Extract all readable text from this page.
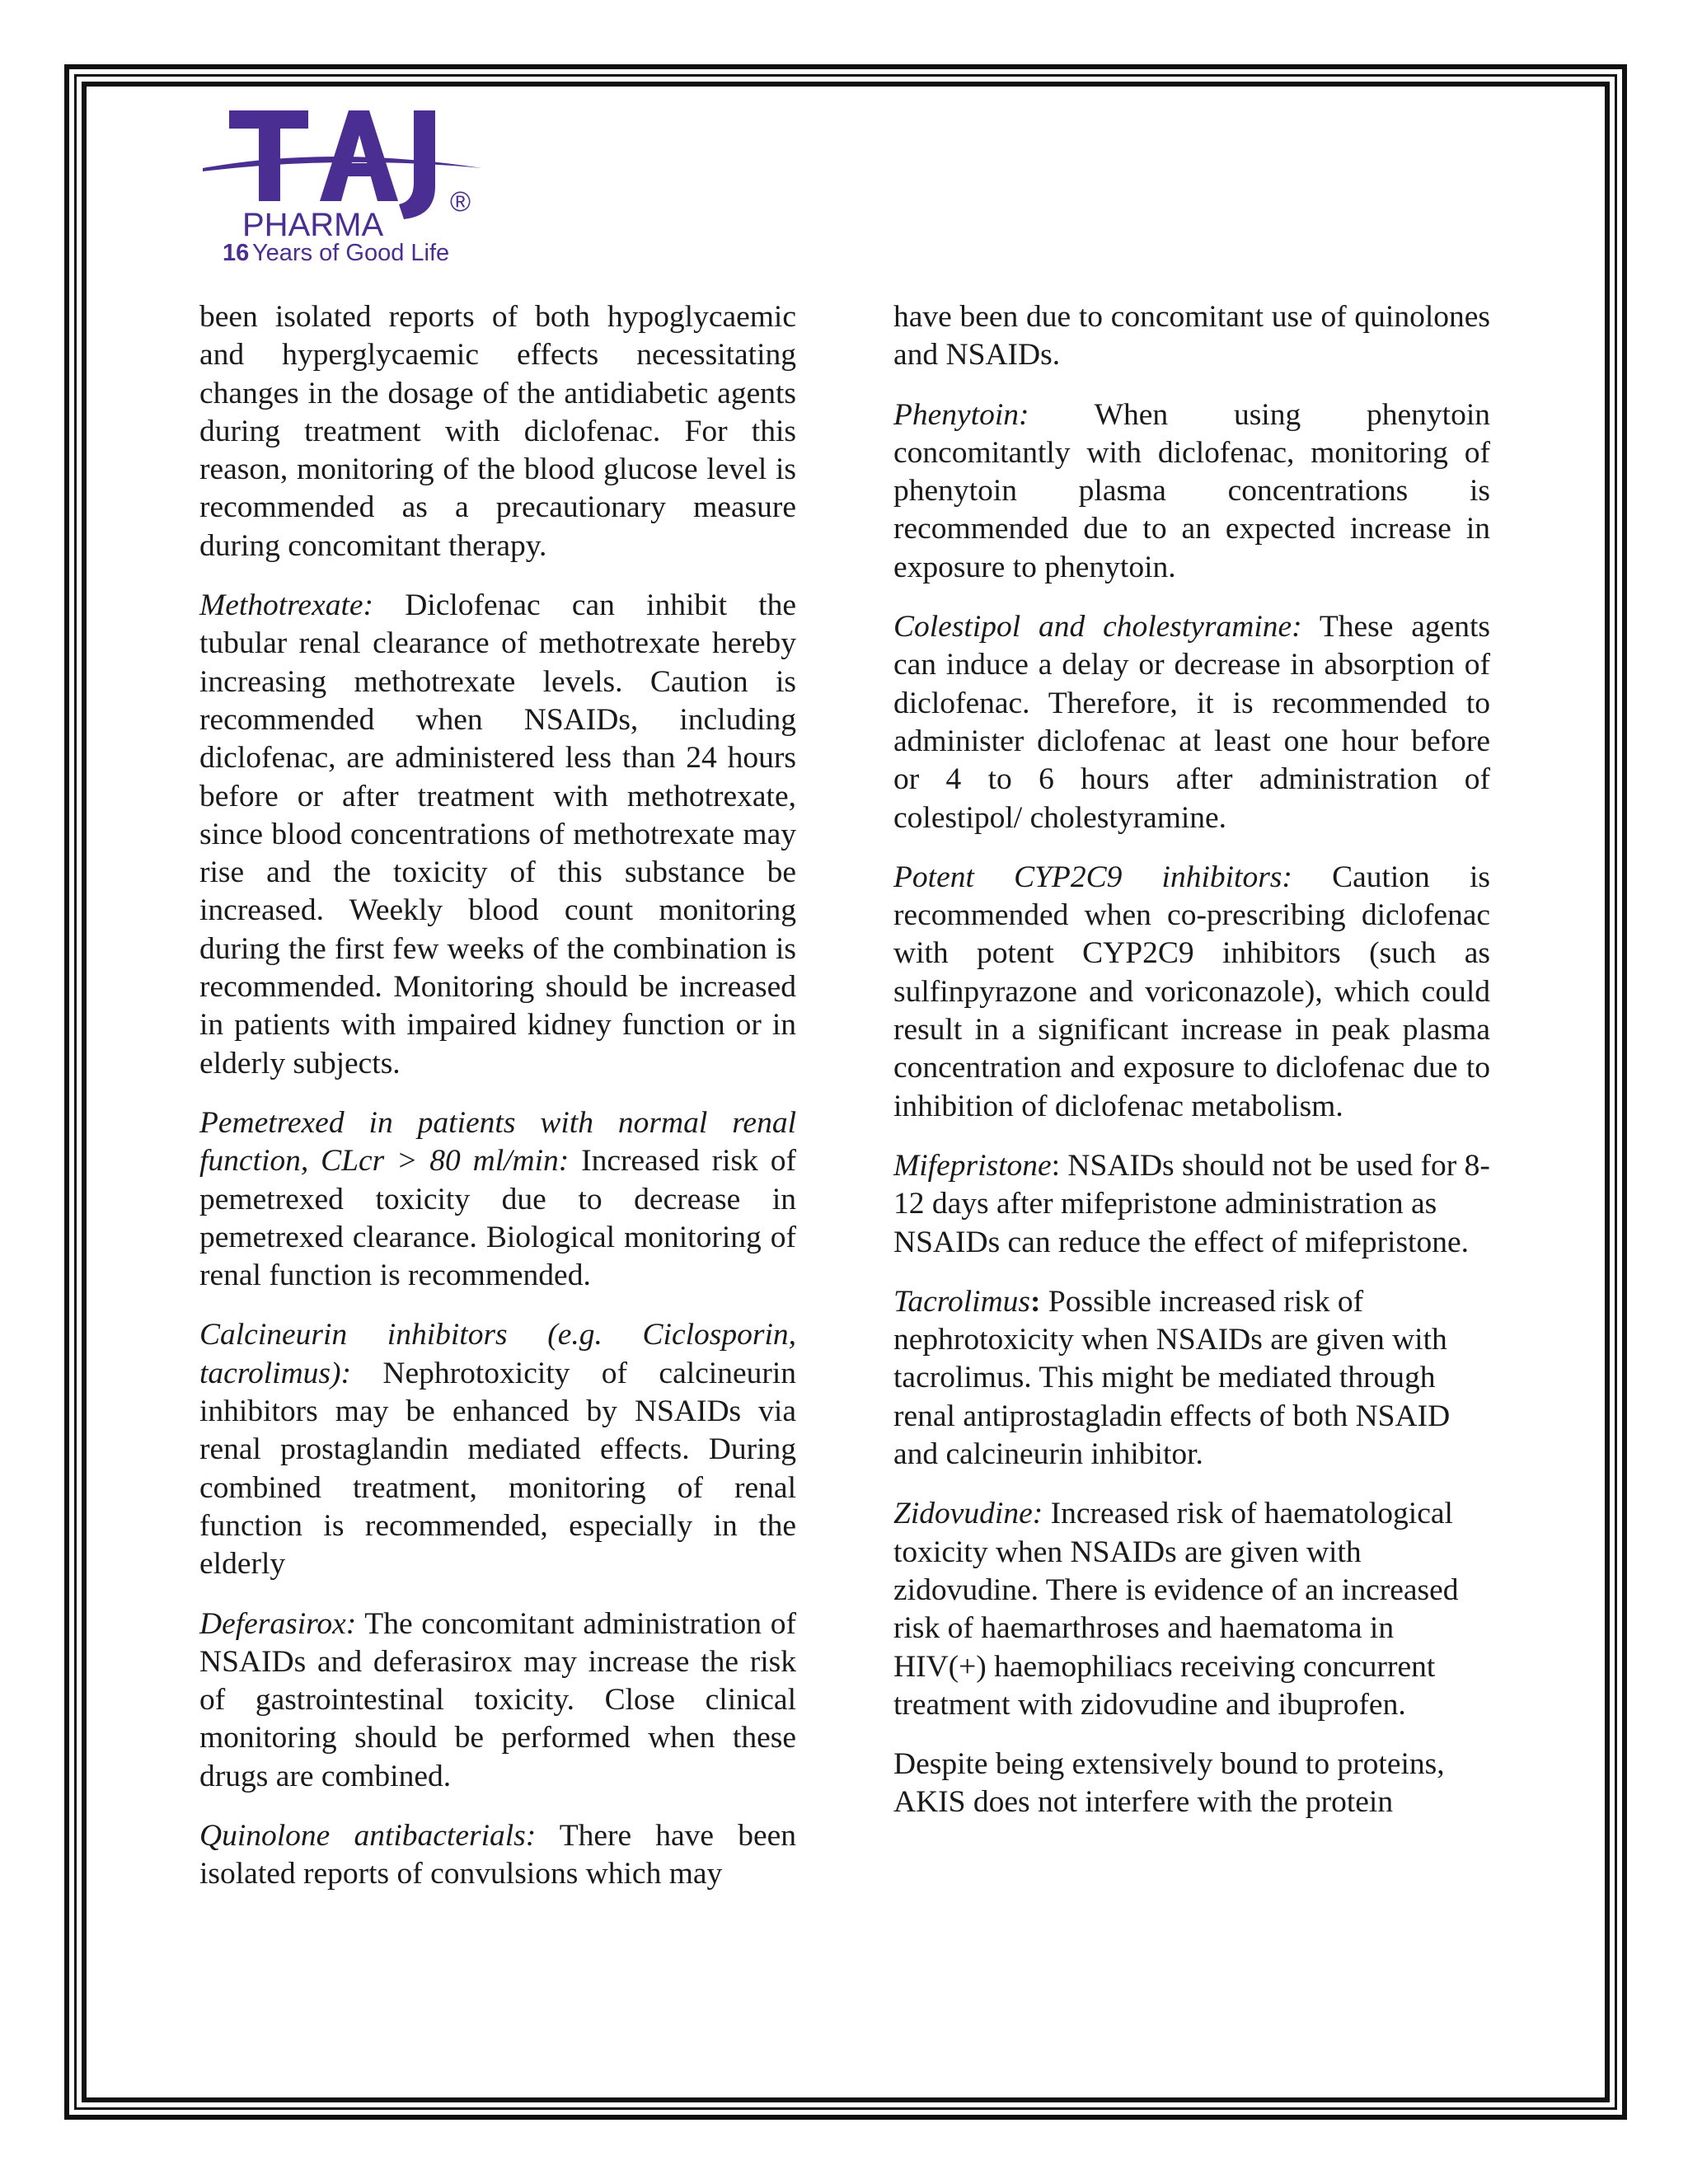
®
PHARMA
16 Years of Good Life

been isolated reports of both hypoglycaemic and hyperglycaemic effects necessitating changes in the dosage of the antidiabetic agents during treatment with diclofenac. For this reason, monitoring of the blood glucose level is recommended as a precautionary measure during concomitant therapy.

Methotrexate: Diclofenac can inhibit the tubular renal clearance of methotrexate hereby increasing methotrexate levels. Caution is recommended when NSAIDs, including diclofenac, are administered less than 24 hours before or after treatment with methotrexate, since blood concentrations of methotrexate may rise and the toxicity of this substance be increased. Weekly blood count monitoring during the first few weeks of the combination is recommended. Monitoring should be increased in patients with impaired kidney function or in elderly subjects.

Pemetrexed in patients with normal renal function, CLcr > 80 ml/min: Increased risk of pemetrexed toxicity due to decrease in pemetrexed clearance. Biological monitoring of renal function is recommended.

Calcineurin inhibitors (e.g. Ciclosporin, tacrolimus): Nephrotoxicity of calcineurin inhibitors may be enhanced by NSAIDs via renal prostaglandin mediated effects. During combined treatment, monitoring of renal function is recommended, especially in the elderly

Deferasirox: The concomitant administration of NSAIDs and deferasirox may increase the risk of gastrointestinal toxicity. Close clinical monitoring should be performed when these drugs are combined.

Quinolone antibacterials: There have been isolated reports of convulsions which may

have been due to concomitant use of quinolones and NSAIDs.

Phenytoin: When using phenytoin concomitantly with diclofenac, monitoring of phenytoin plasma concentrations is recommended due to an expected increase in exposure to phenytoin.

Colestipol and cholestyramine: These agents can induce a delay or decrease in absorption of diclofenac. Therefore, it is recommended to administer diclofenac at least one hour before or 4 to 6 hours after administration of colestipol/ cholestyramine.

Potent CYP2C9 inhibitors: Caution is recommended when co-prescribing diclofenac with potent CYP2C9 inhibitors (such as sulfinpyrazone and voriconazole), which could result in a significant increase in peak plasma concentration and exposure to diclofenac due to inhibition of diclofenac metabolism.

Mifepristone: NSAIDs should not be used for 8-12 days after mifepristone administration as NSAIDs can reduce the effect of mifepristone.

Tacrolimus: Possible increased risk of nephrotoxicity when NSAIDs are given with tacrolimus. This might be mediated through renal antiprostagladin effects of both NSAID and calcineurin inhibitor.

Zidovudine: Increased risk of haematological toxicity when NSAIDs are given with zidovudine. There is evidence of an increased risk of haemarthroses and haematoma in HIV(+) haemophiliacs receiving concurrent treatment with zidovudine and ibuprofen.

Despite being extensively bound to proteins, AKIS does not interfere with the protein
